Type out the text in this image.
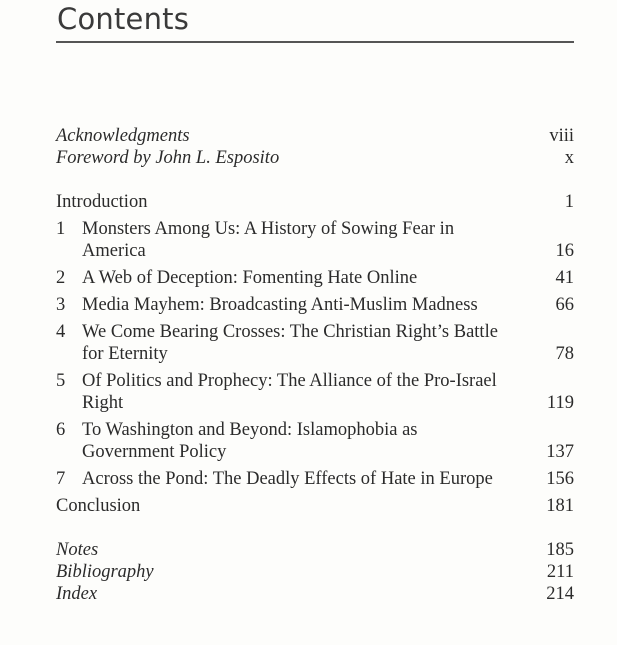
Contents
Acknowledgments	viii
Foreword by John L. Esposito	x
Introduction	1
1 Monsters Among Us: A History of Sowing Fear in
America	16
2 A Web of Deception: Fomenting Hate Online	41
3 Media Mayhem: Broadcasting Anti-Muslim Madness	66
4 We Come Bearing Crosses: The Christian Right’s Battle
for Eternity	78
5 Of Politics and Prophecy: The Alliance of the Pro-Israel
Right	119
6 To Washington and Beyond: Islamophobia as
Government Policy	137
7 Across the Pond: The Deadly Effects of Hate in Europe	156
Conclusion	181
Notes	185
Bibliography	211
Index	214
